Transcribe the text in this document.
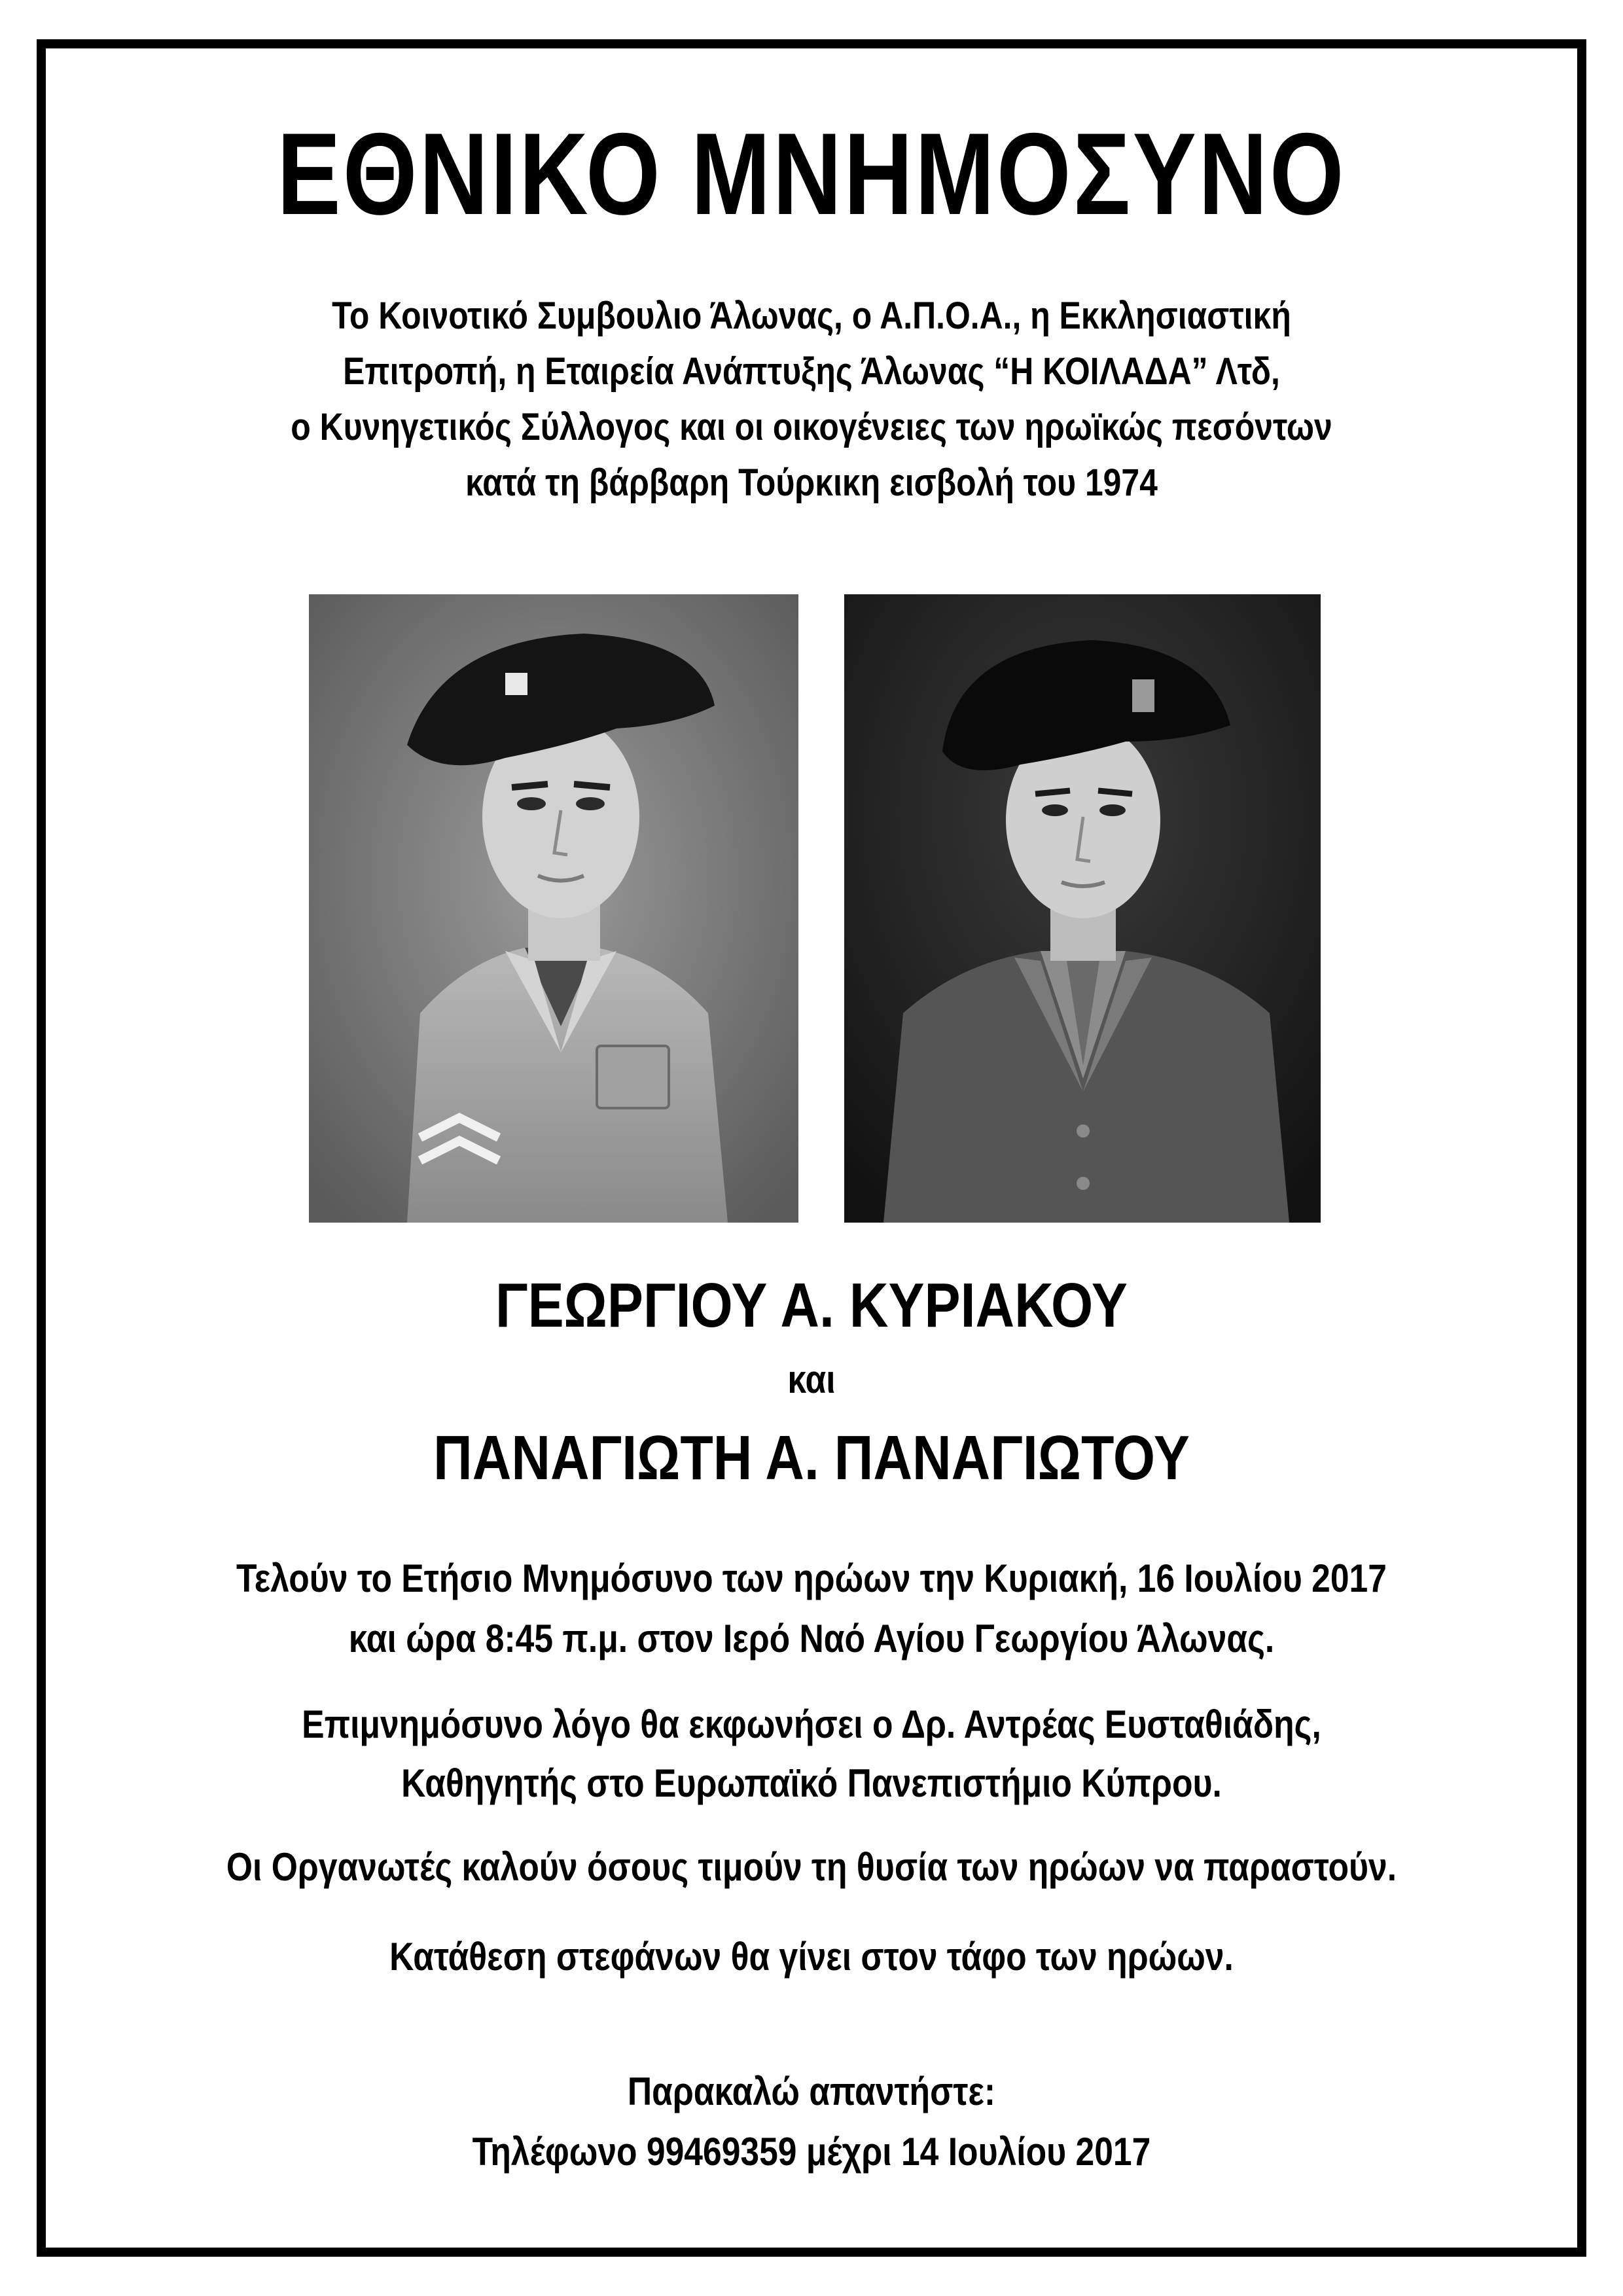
ΕΘΝΙΚΟ ΜΝΗΜΟΣΥΝΟ
Το Κοινοτικό Συμβουλιο Άλωνας, ο Α.Π.Ο.Α., η Εκκλησιαστική
Επιτροπή, η Εταιρεία Ανάπτυξης Άλωνας “Η ΚΟΙΛΑΔΑ” Λτδ,
ο Κυνηγετικός Σύλλογος και οι οικογένειες των ηρωϊκώς πεσόντων
κατά τη βάρβαρη Τούρκικη εισβολή του 1974
ΓΕΩΡΓΙΟΥ Α. ΚΥΡΙΑΚΟΥ
και
ΠΑΝΑΓΙΩΤΗ Α. ΠΑΝΑΓΙΩΤΟΥ
Τελούν το Ετήσιο Μνημόσυνο των ηρώων την Κυριακή, 16 Ιουλίου 2017
και ώρα 8:45 π.μ. στον Ιερό Ναό Αγίου Γεωργίου Άλωνας.
Επιμνημόσυνο λόγο θα εκφωνήσει ο Δρ. Αντρέας Ευσταθιάδης,
Καθηγητής στο Ευρωπαϊκό Πανεπιστήμιο Κύπρου.
Οι Οργανωτές καλούν όσους τιμούν τη θυσία των ηρώων να παραστούν.
Κατάθεση στεφάνων θα γίνει στον τάφο των ηρώων.
Παρακαλώ απαντήστε:
Τηλέφωνο 99469359 μέχρι 14 Ιουλίου 2017
